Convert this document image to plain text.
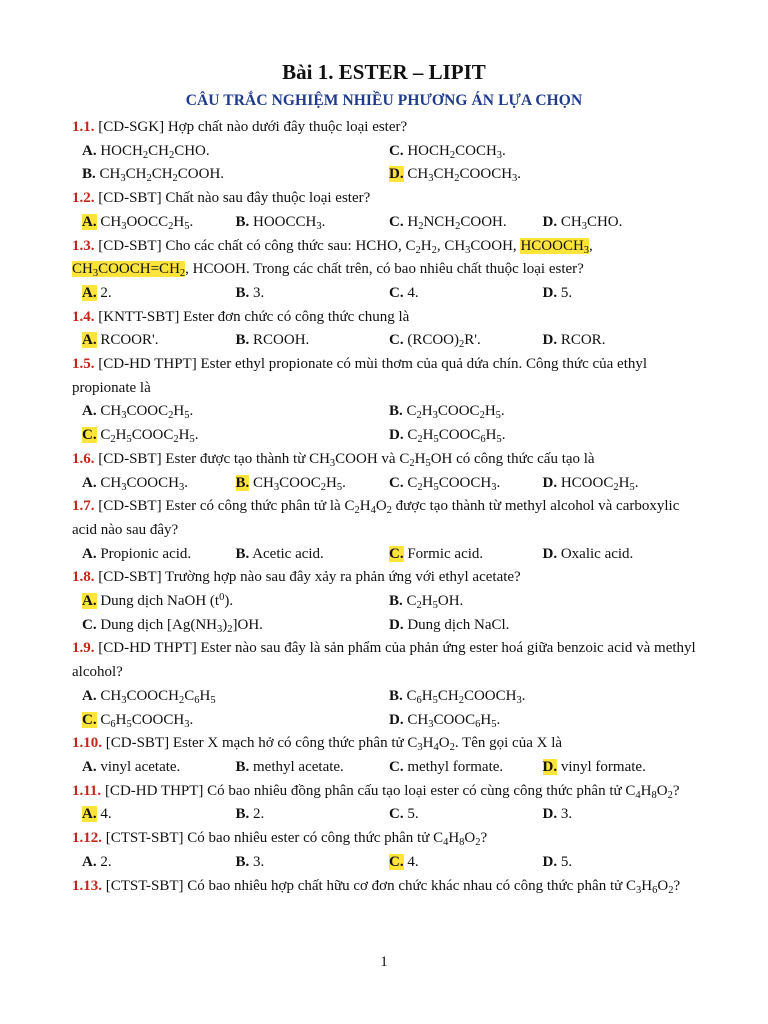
Bài 1. ESTER – LIPIT
CÂU TRẮC NGHIỆM NHIỀU PHƯƠNG ÁN LỰA CHỌN
1.1. [CD-SGK] Hợp chất nào dưới đây thuộc loại ester?
A. $HOCH_2CH_2CHO$.	C. $HOCH_2COCH_3$.
B. $CH_3CH_2CH_2COOH$.	D. $CH_3CH_2COOCH_3$.
1.2. [CD-SBT] Chất nào sau đây thuộc loại ester?
A. $CH_3OOCC_2H_5$.	B. $HOOCCH_3$.	C. $H_2NCH_2COOH$.	D. $CH_3CHO$.
1.3. [CD-SBT] Cho các chất có công thức sau: HCHO, $C_2H_2$, $CH_3COOH$, $HCOOCH_3$, $CH_3COOCH=CH_2$, HCOOH. Trong các chất trên, có bao nhiêu chất thuộc loại ester?
A. 2.	B. 3.	C. 4.	D. 5.
1.4. [KNTT-SBT] Ester đơn chức có công thức chung là
A. RCOOR'.	B. RCOOH.	C. $(RCOO)_2R'$.	D. RCOR.
1.5. [CD-HD THPT] Ester ethyl propionate có mùi thơm của quả dứa chín. Công thức của ethyl propionate là
A. $CH_3COOC_2H_5$.	B. $C_2H_3COOC_2H_5$.
C. $C_2H_5COOC_2H_5$.	D. $C_2H_5COOC_6H_5$.
1.6. [CD-SBT] Ester được tạo thành từ $CH_3COOH$ và $C_2H_5OH$ có công thức cấu tạo là
A. $CH_3COOCH_3$.	B. $CH_3COOC_2H_5$.	C. $C_2H_5COOCH_3$.	D. $HCOOC_2H_5$.
1.7. [CD-SBT] Ester có công thức phân tử là $C_2H_4O_2$ được tạo thành từ methyl alcohol và carboxylic acid nào sau đây?
A. Propionic acid.	B. Acetic acid.	C. Formic acid.	D. Oxalic acid.
1.8. [CD-SBT] Trường hợp nào sau đây xảy ra phản ứng với ethyl acetate?
A. Dung dịch NaOH $(t^0)$.	B. $C_2H_5OH$.
C. Dung dịch $[Ag(NH_3)_2]OH$.	D. Dung dịch NaCl.
1.9. [CD-HD THPT] Ester nào sau đây là sản phẩm của phản ứng ester hoá giữa benzoic acid và methyl alcohol?
A. $CH_3COOCH_2C_6H_5$	B. $C_6H_5CH_2COOCH_3$.
C. $C_6H_5COOCH_3$.	D. $CH_3COOC_6H_5$.
1.10. [CD-SBT] Ester X mạch hở có công thức phân tử $C_3H_4O_2$. Tên gọi của X là
A. vinyl acetate.	B. methyl acetate.	C. methyl formate.	D. vinyl formate.
1.11. [CD-HD THPT] Có bao nhiêu đồng phân cấu tạo loại ester có cùng công thức phân tử $C_4H_8O_2$?
A. 4.	B. 2.	C. 5.	D. 3.
1.12. [CTST-SBT] Có bao nhiêu ester có công thức phân tử $C_4H_8O_2$?
A. 2.	B. 3.	C. 4.	D. 5.
1.13. [CTST-SBT] Có bao nhiêu hợp chất hữu cơ đơn chức khác nhau có công thức phân tử $C_3H_6O_2$?
1
